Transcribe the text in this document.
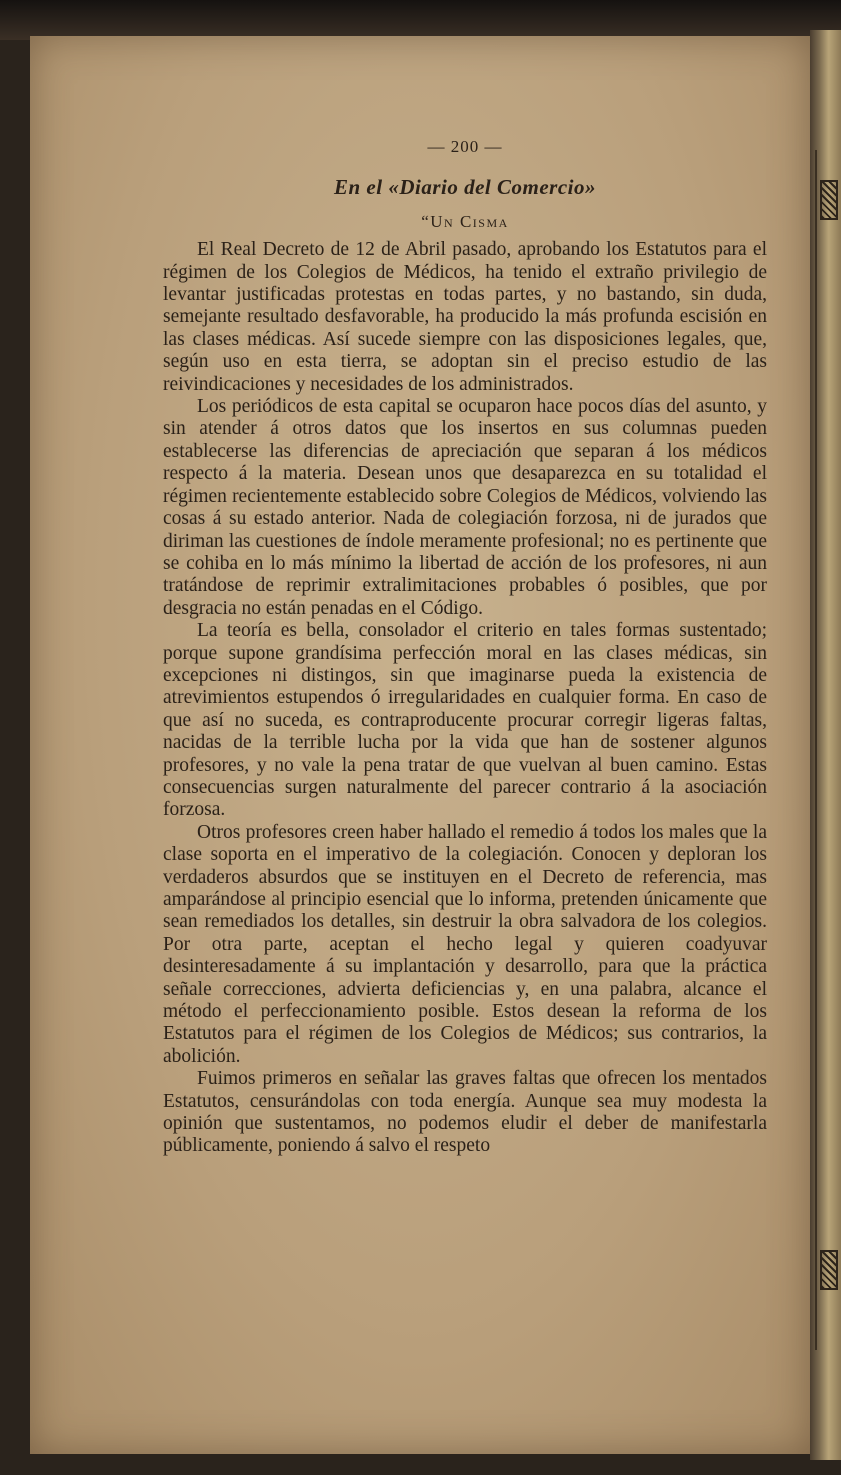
— 200 —
En el «Diario del Comercio»
“Un Cisma

El Real Decreto de 12 de Abril pasado, aprobando los Estatutos para el régimen de los Colegios de Médicos, ha tenido el extraño privilegio de levantar justificadas protestas en todas partes, y no bastando, sin duda, semejante resultado desfavorable, ha producido la más profunda escisión en las clases médicas. Así sucede siempre con las disposiciones legales, que, según uso en esta tierra, se adoptan sin el preciso estudio de las reivindicaciones y necesidades de los administrados.

Los periódicos de esta capital se ocuparon hace pocos días del asunto, y sin atender á otros datos que los insertos en sus columnas pueden establecerse las diferencias de apreciación que separan á los médicos respecto á la materia. Desean unos que desaparezca en su totalidad el régimen recientemente establecido sobre Colegios de Médicos, volviendo las cosas á su estado anterior. Nada de colegiación forzosa, ni de jurados que diriman las cuestiones de índole meramente profesional; no es pertinente que se cohiba en lo más mínimo la libertad de acción de los profesores, ni aun tratándose de reprimir extralimitaciones probables ó posibles, que por desgracia no están penadas en el Código.

La teoría es bella, consolador el criterio en tales formas sustentado; porque supone grandísima perfección moral en las clases médicas, sin excepciones ni distingos, sin que imaginarse pueda la existencia de atrevimientos estupendos ó irregularidades en cualquier forma. En caso de que así no suceda, es contraproducente procurar corregir ligeras faltas, nacidas de la terrible lucha por la vida que han de sostener algunos profesores, y no vale la pena tratar de que vuelvan al buen camino. Estas consecuencias surgen naturalmente del parecer contrario á la asociación forzosa.

Otros profesores creen haber hallado el remedio á todos los males que la clase soporta en el imperativo de la colegiación. Conocen y deploran los verdaderos absurdos que se instituyen en el Decreto de referencia, mas amparándose al principio esencial que lo informa, pretenden únicamente que sean remediados los detalles, sin destruir la obra salvadora de los colegios. Por otra parte, aceptan el hecho legal y quieren coadyuvar desinteresadamente á su implantación y desarrollo, para que la práctica señale correcciones, advierta deficiencias y, en una palabra, alcance el método el perfeccionamiento posible. Estos desean la reforma de los Estatutos para el régimen de los Colegios de Médicos; sus contrarios, la abolición.

Fuimos primeros en señalar las graves faltas que ofrecen los mentados Estatutos, censurándolas con toda energía. Aunque sea muy modesta la opinión que sustentamos, no podemos eludir el deber de manifestarla públicamente, poniendo á salvo el respeto
